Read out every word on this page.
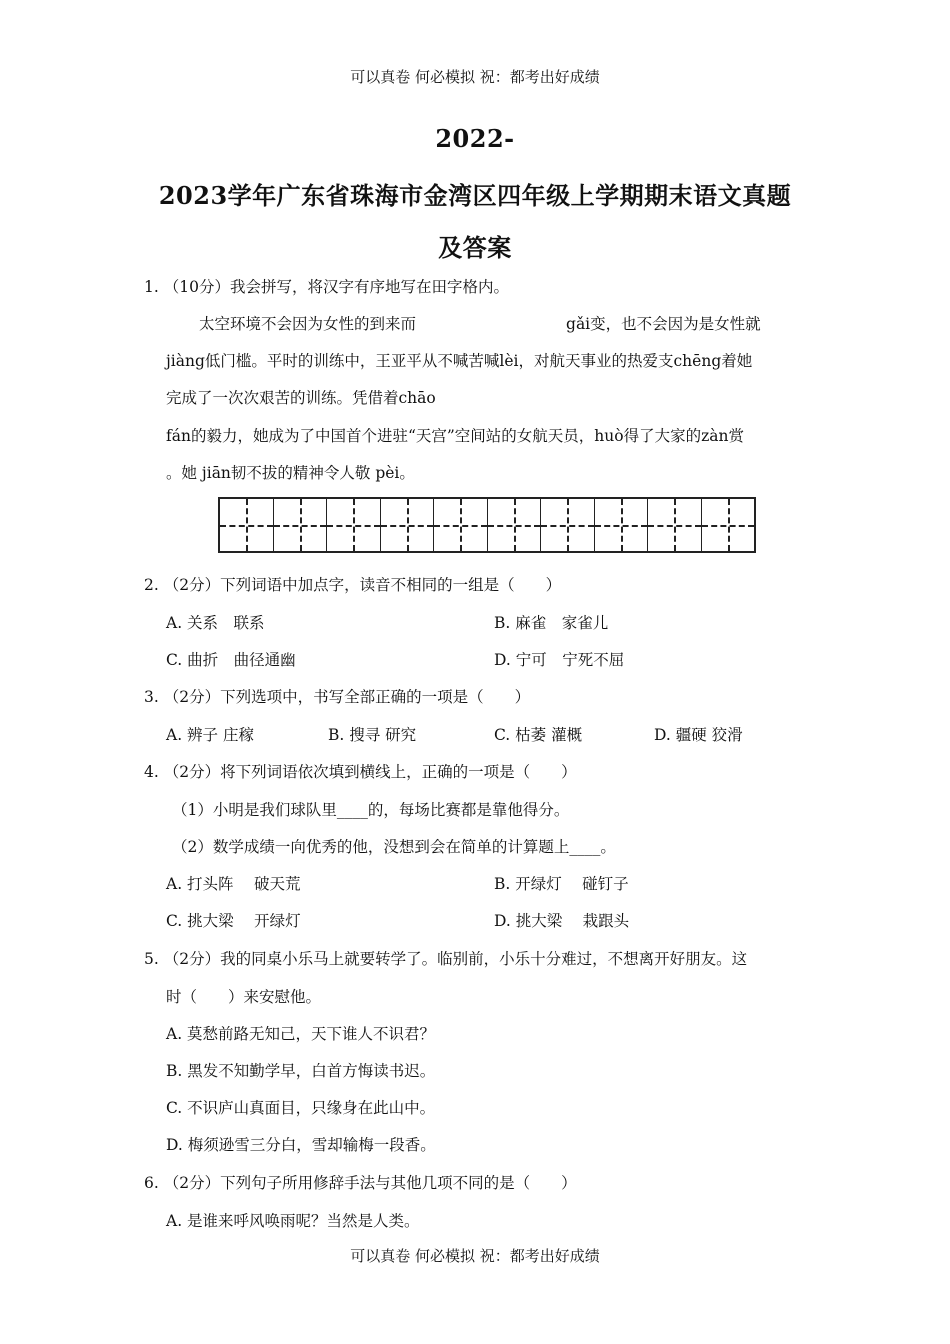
可以真卷 何必模拟 祝：都考出好成绩
2022-
2023学年广东省珠海市金湾区四年级上学期期末语文真题
及答案
1. （10分）我会拼写，将汉字有序地写在田字格内。
太空环境不会因为女性的到来而	gǎi变，也不会因为是女性就
jiàng低门槛。平时的训练中，王亚平从不喊苦喊lèi，对航天事业的热爱支chēng着她
完成了一次次艰苦的训练。凭借着chāo
fán的毅力，她成为了中国首个进驻“天宫”空间站的女航天员，huò得了大家的zàn赏
。她 jiān韧不拔的精神令人敬 pèi。
2. （2分）下列词语中加点字，读音不相同的一组是（　　）
A. 关系　联系	B. 麻雀　家雀儿
C. 曲折　曲径通幽	D. 宁可　宁死不屈
3. （2分）下列选项中，书写全部正确的一项是（　　）
A. 辨子 庄稼	B. 搜寻 研究	C. 枯萎 灌概	D. 疆硬 狡滑
4. （2分）将下列词语依次填到横线上，正确的一项是（　　）
（1）小明是我们球队里____的，每场比赛都是靠他得分。
（2）数学成绩一向优秀的他，没想到会在简单的计算题上____。
A. 打头阵　 破天荒	B. 开绿灯　 碰钉子
C. 挑大梁　 开绿灯	D. 挑大梁　 栽跟头
5. （2分）我的同桌小乐马上就要转学了。临别前，小乐十分难过，不想离开好朋友。这
时（　　）来安慰他。
A. 莫愁前路无知己，天下谁人不识君？
B. 黑发不知勤学早，白首方悔读书迟。
C. 不识庐山真面目，只缘身在此山中。
D. 梅须逊雪三分白，雪却输梅一段香。
6. （2分）下列句子所用修辞手法与其他几项不同的是（　　）
A. 是谁来呼风唤雨呢？当然是人类。
可以真卷 何必模拟 祝：都考出好成绩
